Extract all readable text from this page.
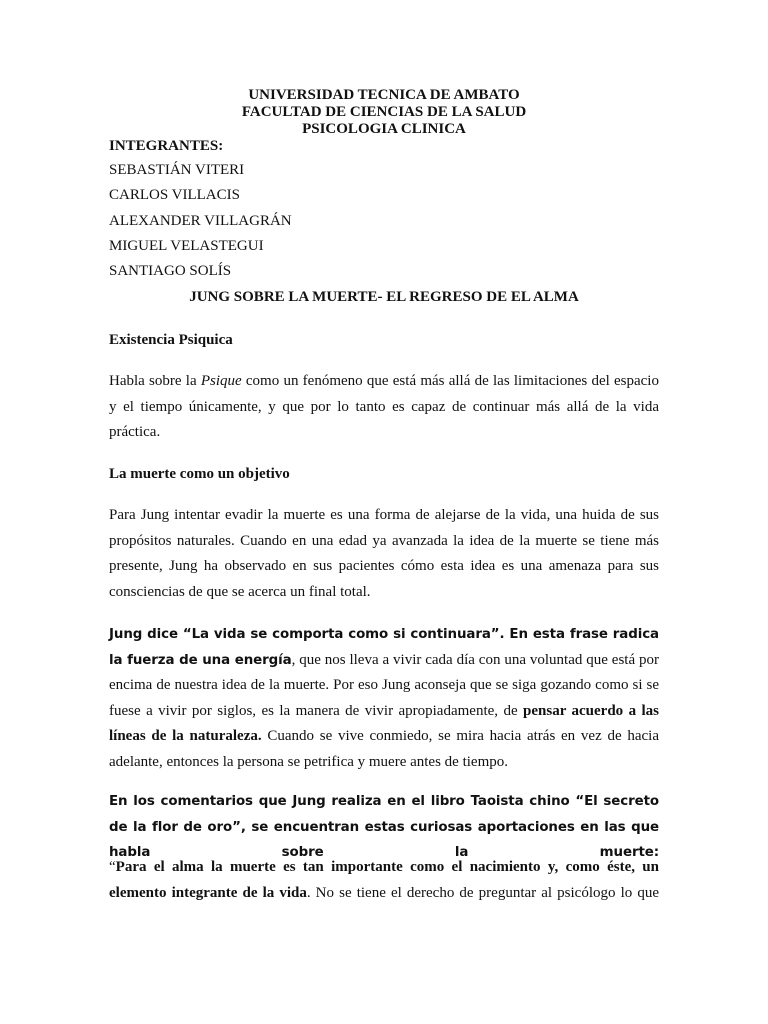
UNIVERSIDAD TECNICA DE AMBATO

FACULTAD DE CIENCIAS DE LA SALUD

PSICOLOGIA CLINICA

INTEGRANTES:

SEBASTIÁN VITERI

CARLOS VILLACIS

ALEXANDER VILLAGRÁN

MIGUEL VELASTEGUI

SANTIAGO SOLÍS

JUNG SOBRE LA MUERTE- EL REGRESO DE EL ALMA

Existencia Psiquica

Habla sobre la Psique como un fenómeno que está más allá de las limitaciones del espacio y el tiempo únicamente, y que por lo tanto es capaz de continuar más allá de la vida práctica.

La muerte como un objetivo

Para Jung intentar evadir la muerte es una forma de alejarse de la vida, una huida de sus propósitos naturales. Cuando en una edad ya avanzada la idea de la muerte se tiene más presente, Jung ha observado en sus pacientes cómo esta idea es una amenaza para sus consciencias de que se acerca un final total.

Jung dice “La vida se comporta como si continuara”. En esta frase radica la fuerza de una energía, que nos lleva a vivir cada día con una voluntad que está por encima de nuestra idea de la muerte. Por eso Jung aconseja que se siga gozando como si se fuese a vivir por siglos, es la manera de vivir apropiadamente, de pensar acuerdo a las líneas de la naturaleza. Cuando se vive conmiedo, se mira hacia atrás en vez de hacia adelante, entonces la persona se petrifica y muere antes de tiempo.

En los comentarios que Jung realiza en el libro Taoista chino “El secreto de la flor de oro”, se encuentran estas curiosas aportaciones en las que habla sobre la muerte:

“Para el alma la muerte es tan importante como el nacimiento y, como éste, un elemento integrante de la vida. No se tiene el derecho de preguntar al psicólogo lo que
